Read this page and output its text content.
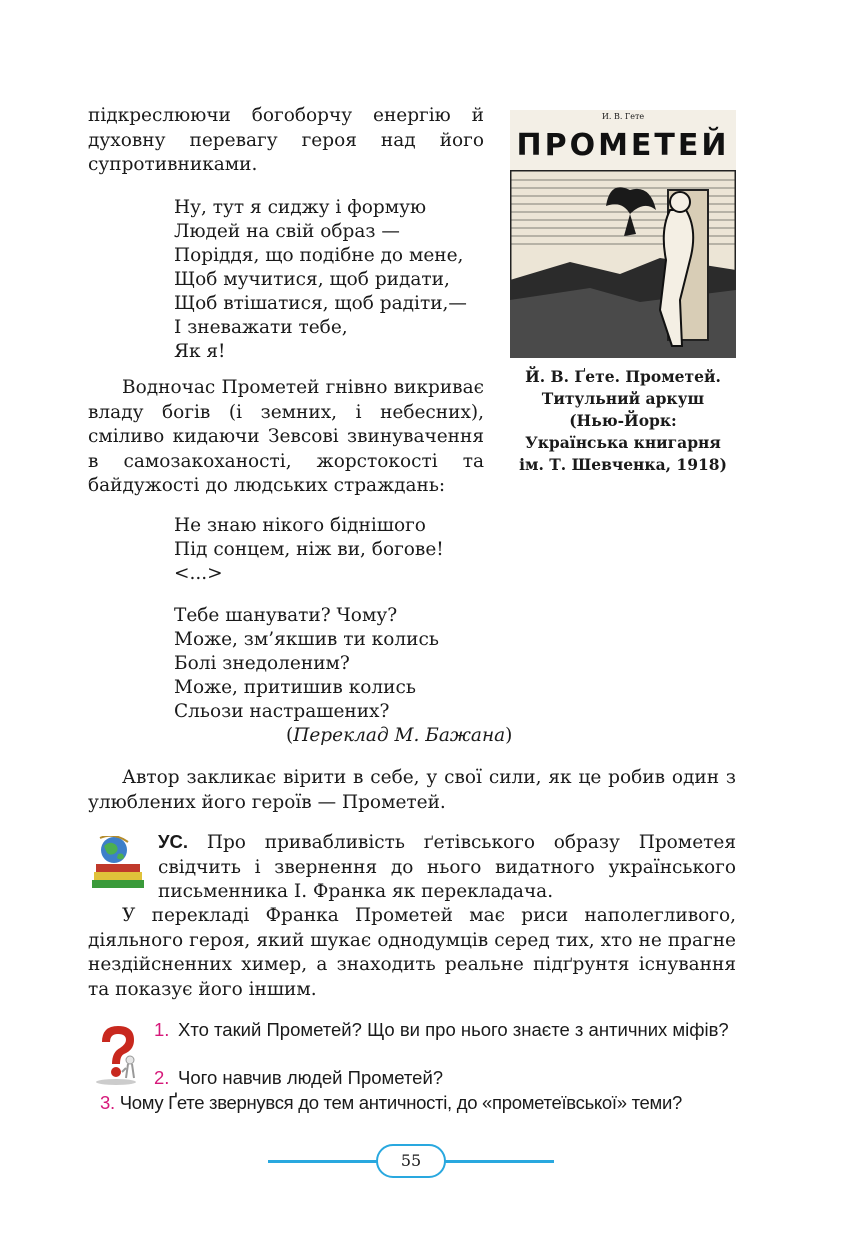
підкреслюючи богоборчу енергію й духовну перевагу героя над його супротивниками.
Ну, тут я сиджу і формую
Людей на свій образ —
Поріддя, що подібне до мене,
Щоб мучитися, щоб ридати,
Щоб втішатися, щоб радіти,—
І зневажати тебе,
Як я!
Водночас Прометей гнівно викриває владу богів (і земних, і небесних), сміливо кидаючи Зевсові звинувачення в самозакоханості, жорстокості та байдужості до людських страждань:
Не знаю нікого біднішого
Під сонцем, ніж ви, богове!
<...>
Тебе шанувати? Чому?
Може, зм’якшив ти колись
Болі знедоленим?
Може, притишив колись
Сльози настрашених?
(Переклад М. Бажана)
Автор закликає вірити в себе, у свої сили, як це робив один з улюблених його героїв — Прометей.
УС. Про привабливість ґетівського образу Прометея свідчить і звернення до нього видатного українського письменника І. Франка як перекладача.
У перекладі Франка Прометей має риси наполегливого, діяльного героя, який шукає однодумців серед тих, хто не прагне нездійсненних химер, а знаходить реальне підґрунтя існування та показує його іншим.
И. В. Гете
ПРОМЕТЕЙ
Й. В. Ґете. Прометей.
Титульний аркуш
(Нью-Йорк:
Українська книгарня
ім. Т. Шевченка, 1918)
1. Хто такий Прометей? Що ви про нього знаєте з античних міфів?
2. Чого навчив людей Прометей?
3. Чому Ґете звернувся до тем античності, до «прометеївської» теми?
55
